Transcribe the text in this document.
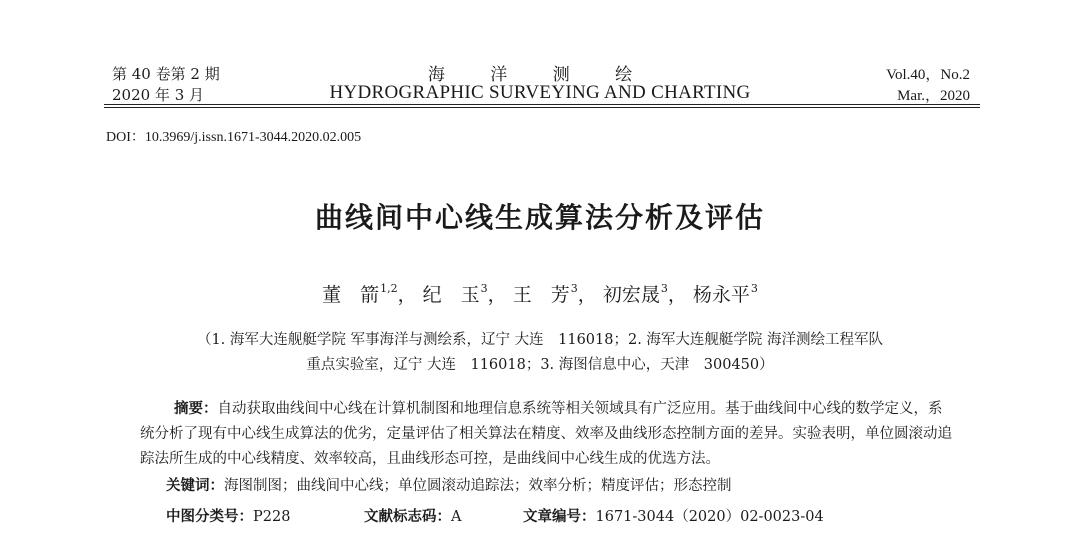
第 40 卷第 2 期
2020 年 3 月
海 洋 测 绘
HYDROGRAPHIC SURVEYING AND CHARTING
Vol.40，No.2
Mar.，2020
DOI：10.3969/j.issn.1671-3044.2020.02.005
曲线间中心线生成算法分析及评估
董　箭$^{1,2}$， 纪　玉$^3$， 王　芳$^3$， 初宏晟$^3$， 杨永平$^3$
（1. 海军大连舰艇学院 军事海洋与测绘系，辽宁 大连　116018；2. 海军大连舰艇学院 海洋测绘工程军队
重点实验室，辽宁 大连　116018；3. 海图信息中心，天津　300450）
摘要：自动获取曲线间中心线在计算机制图和地理信息系统等相关领域具有广泛应用。基于曲线间中心线的数学定义，系统分析了现有中心线生成算法的优劣，定量评估了相关算法在精度、效率及曲线形态控制方面的差异。实验表明，单位圆滚动追踪法所生成的中心线精度、效率较高，且曲线形态可控，是曲线间中心线生成的优选方法。
关键词：海图制图；曲线间中心线；单位圆滚动追踪法；效率分析；精度评估；形态控制
中图分类号：P228	文献标志码：A	文章编号：1671-3044（2020）02-0023-04
